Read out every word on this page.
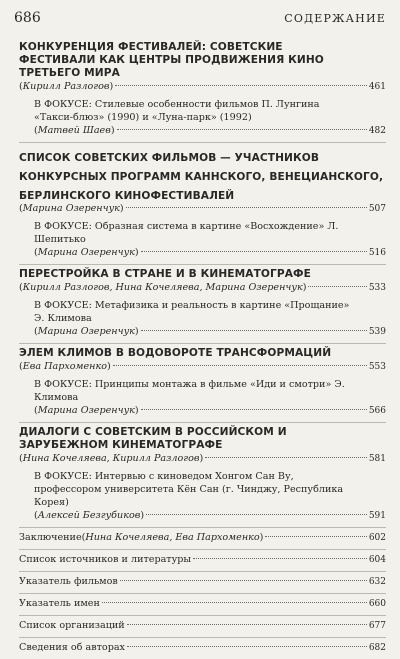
686	СОДЕРЖАНИЕ

КОНКУРЕНЦИЯ ФЕСТИВАЛЕЙ: СОВЕТСКИЕ ФЕСТИВАЛИ КАК ЦЕНТРЫ ПРОДВИЖЕНИЯ КИНО ТРЕТЬЕГО МИРА

( Кирилл Разлогов )	461
В ФОКУСЕ: Стилевые особенности фильмов П. Лунгина «Такси-блюз» (1990) и «Луна-парк» (1992)
( Матвей Шаев )	482
СПИСОК СОВЕТСКИХ ФИЛЬМОВ — УЧАСТНИКОВ КОНКУРСНЫХ ПРОГРАММ КАННСКОГО, ВЕНЕЦИАНСКОГО, БЕРЛИНСКОГО КИНОФЕСТИВАЛЕЙ
( Марина Озеренчук )	507
В ФОКУСЕ: Образная система в картине «Восхождение» Л. Шепитько
( Марина Озеренчук )	516

ПЕРЕСТРОЙКА В СТРАНЕ И В КИНЕМАТОГРАФЕ

( Кирилл Разлогов, Нина Кочеляева, Марина Озеренчук )	533
В ФОКУСЕ: Метафизика и реальность в картине «Прощание» Э. Климова
( Марина Озеренчук )	539

ЭЛЕМ КЛИМОВ В ВОДОВОРОТЕ ТРАНСФОРМАЦИЙ

( Ева Пархоменко )	553
В ФОКУСЕ: Принципы монтажа в фильме «Иди и смотри» Э. Климова
( Марина Озеренчук )	566

ДИАЛОГИ С СОВЕТСКИМ В РОССИЙСКОМ И ЗАРУБЕЖНОМ КИНЕМАТОГРАФЕ

( Нина Кочеляева, Кирилл Разлогов )	581
В ФОКУСЕ: Интервью с киноведом Хонгом Сан Ву, профессором университета Кён Сан (г. Чинджу, Республика Корея)
( Алексей Безгубиков )	591
Заключение ( Нина Кочеляева, Ева Пархоменко )	602
Список источников и литературы	604
Указатель фильмов	632
Указатель имен	660
Список организаций	677
Сведения об авторах	682
